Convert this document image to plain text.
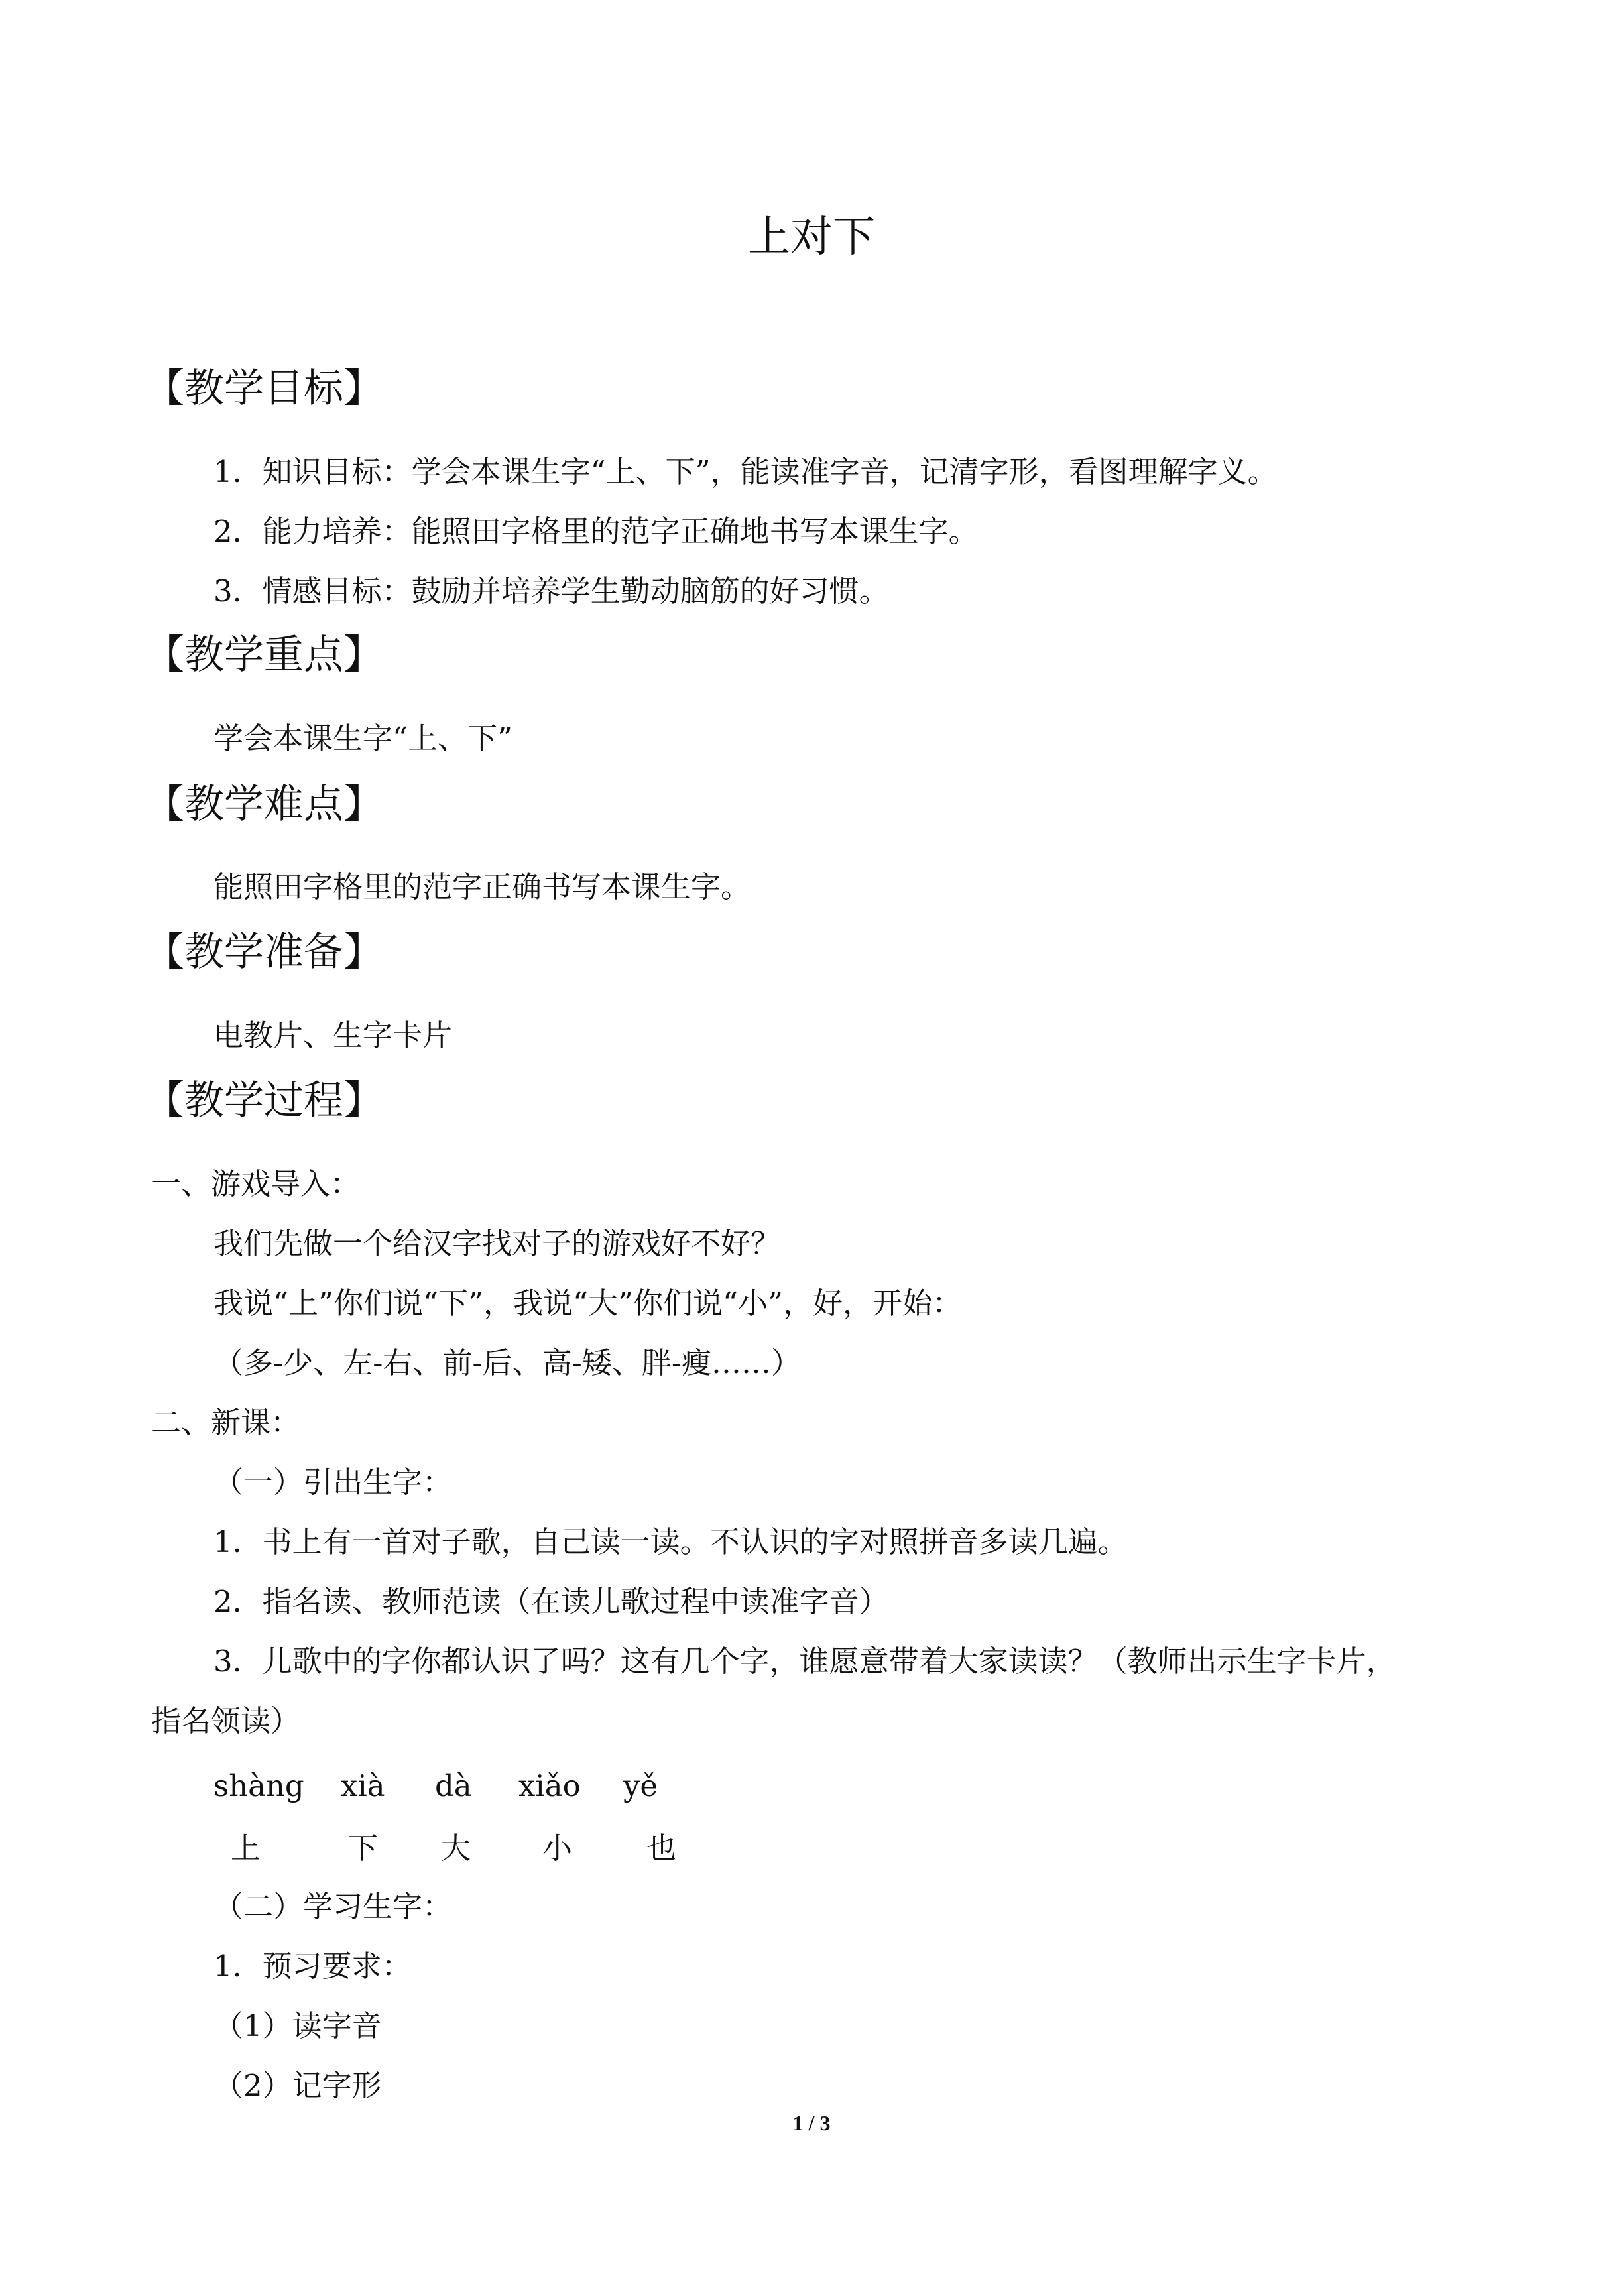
上对下
【教学目标】
1．知识目标：学会本课生字“上、下”，能读准字音，记清字形，看图理解字义。
2．能力培养：能照田字格里的范字正确地书写本课生字。
3．情感目标：鼓励并培养学生勤动脑筋的好习惯。
【教学重点】
学会本课生字“上、下”
【教学难点】
能照田字格里的范字正确书写本课生字。
【教学准备】
电教片、生字卡片
【教学过程】
一、游戏导入：
我们先做一个给汉字找对子的游戏好不好？
我说“上”你们说“下”，我说“大”你们说“小”，好，开始：
（多-少、左-右、前-后、高-矮、胖-瘦……）
二、新课：
（一）引出生字：
1．书上有一首对子歌，自己读一读。不认识的字对照拼音多读几遍。
2．指名读、教师范读（在读儿歌过程中读准字音）
3．儿歌中的字你都认识了吗？这有几个字，谁愿意带着大家读读？（教师出示生字卡片，
指名领读）
shàng xià dà xiǎo yě
上	下 大 小 也
（二）学习生字：
1．预习要求：
（1）读字音
（2）记字形
1 / 3
